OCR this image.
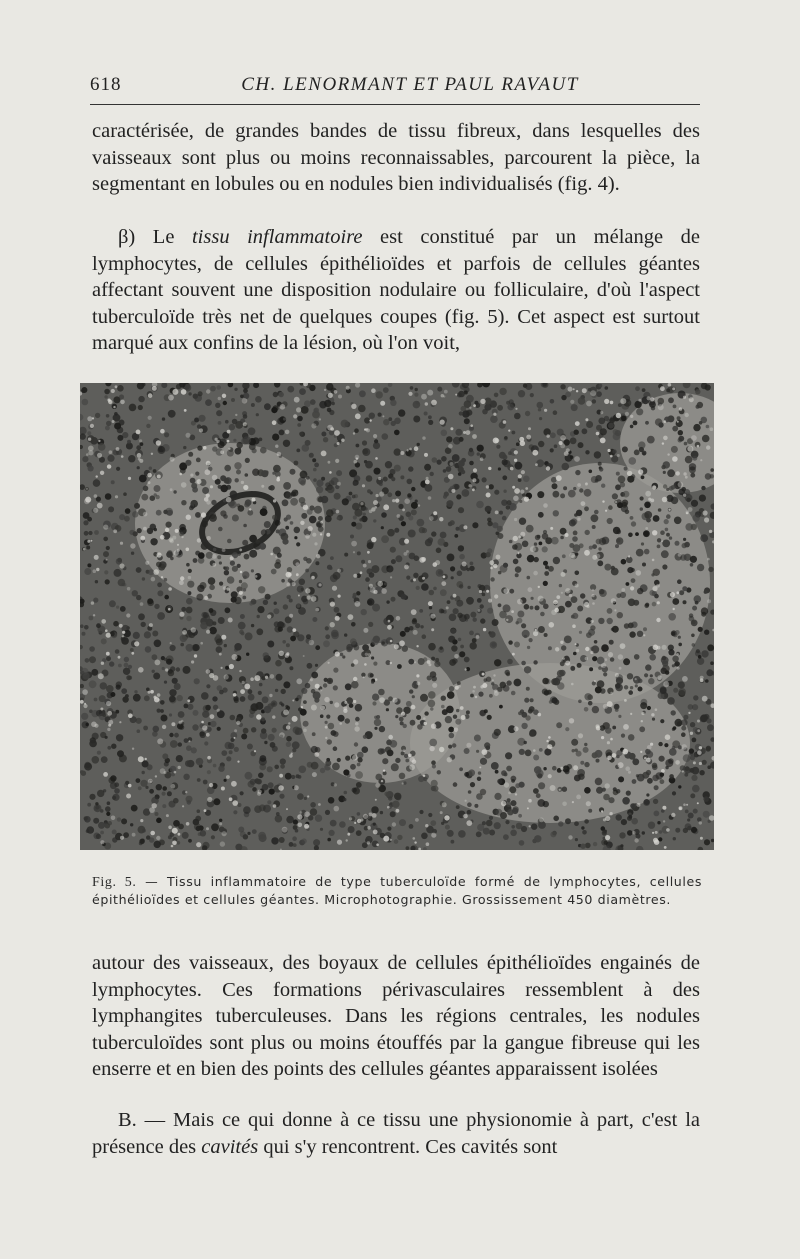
618	CH. LENORMANT ET PAUL RAVAUT

caractérisée, de grandes bandes de tissu fibreux, dans lesquelles des vaisseaux sont plus ou moins reconnaissables, parcourent la pièce, la segmentant en lobules ou en nodules bien individualisés (fig. 4).

β) Le tissu inflammatoire est constitué par un mélange de lymphocytes, de cellules épithélioïdes et parfois de cellules géantes affectant souvent une disposition nodulaire ou folliculaire, d'où l'aspect tuberculoïde très net de quelques coupes (fig. 5). Cet aspect est surtout marqué aux confins de la lésion, où l'on voit,

Fig. 5. — Tissu inflammatoire de type tuberculoïde formé de lymphocytes, cellules épithélioïdes et cellules géantes. Microphotographie. Grossissement 450 diamètres.

autour des vaisseaux, des boyaux de cellules épithélioïdes engainés de lymphocytes. Ces formations périvasculaires ressemblent à des lymphangites tuberculeuses. Dans les régions centrales, les nodules tuberculoïdes sont plus ou moins étouffés par la gangue fibreuse qui les enserre et en bien des points des cellules géantes apparaissent isolées

B. — Mais ce qui donne à ce tissu une physionomie à part, c'est la présence des cavités qui s'y rencontrent. Ces cavités sont
